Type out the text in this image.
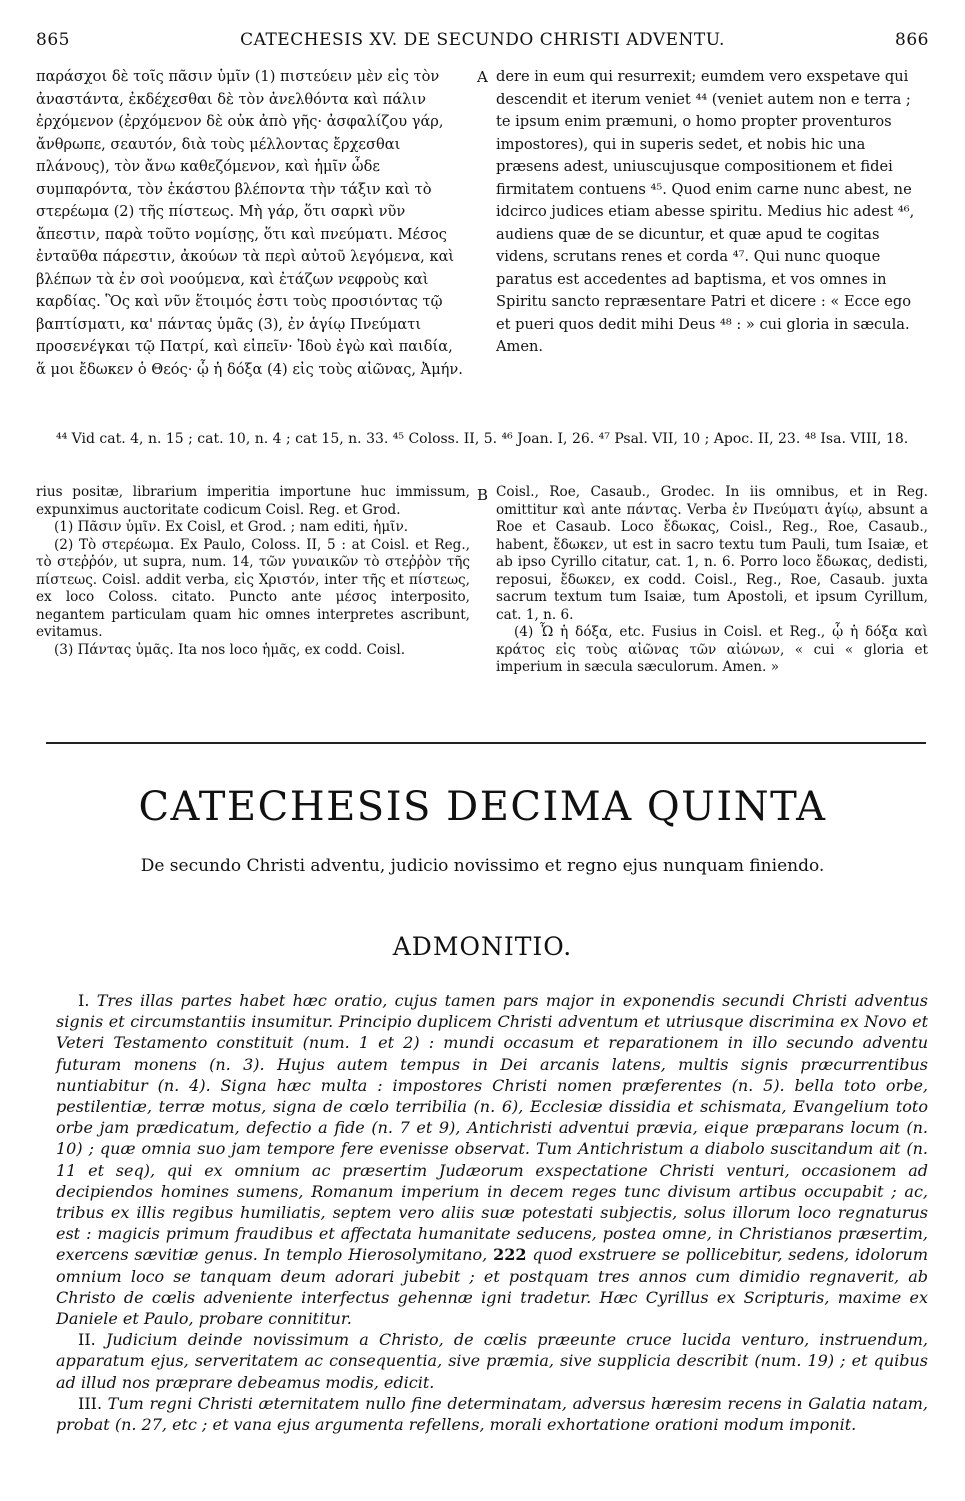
865	CATECHESIS XV. DE SECUNDO CHRISTI ADVENTU.	866

παράσχοι δὲ τοῖς πᾶσιν ὑμῖν (1) πιστεύειν μὲν εἰς τὸν ἀναστάντα, ἐκδέχεσθαι δὲ τὸν ἀνελθόντα καὶ πάλιν ἐρχόμενον (ἐρχόμενον δὲ οὐκ ἀπὸ γῆς· ἀσφαλίζου γάρ, ἄνθρωπε, σεαυτόν, διὰ τοὺς μέλλοντας ἔρχεσθαι πλάνους), τὸν ἄνω καθεζόμενον, καὶ ἡμῖν ὧδε συμπαρόντα, τὸν ἑκάστου βλέποντα τὴν τάξιν καὶ τὸ στερέωμα (2) τῆς πίστεως. Μὴ γάρ, ὅτι σαρκὶ νῦν ἄπεστιν, παρὰ τοῦτο νομίσῃς, ὅτι καὶ πνεύματι. Μέσος ἐνταῦθα πάρεστιν, ἀκούων τὰ περὶ αὐτοῦ λεγόμενα, καὶ βλέπων τὰ ἐν σοὶ νοούμενα, καὶ ἐτάζων νεφροὺς καὶ καρδίας. Ὃς καὶ νῦν ἕτοιμός ἐστι τοὺς προσιόντας τῷ βαπτίσματι, κα' πάντας ὑμᾶς (3), ἐν ἁγίῳ Πνεύματι προσενέγκαι τῷ Πατρί, καὶ εἰπεῖν· Ἰδοὺ ἐγὼ καὶ παιδία, ἅ μοι ἔδωκεν ὁ Θεός· ᾧ ἡ δόξα (4) εἰς τοὺς αἰῶνας, Ἀμήν.

A dere in eum qui resurrexit; eumdem vero exspetave qui descendit et iterum veniet ⁴⁴ (veniet autem non e terra ; te ipsum enim præmuni, o homo propter proventuros impostores), qui in superis sedet, et nobis hic una præsens adest, uniuscujusque compositionem et fidei firmitatem contuens ⁴⁵. Quod enim carne nunc abest, ne idcirco judices etiam abesse spiritu. Medius hic adest ⁴⁶, audiens quæ de se dicuntur, et quæ apud te cogitas videns, scrutans renes et corda ⁴⁷. Qui nunc quoque paratus est accedentes ad baptisma, et vos omnes in Spiritu sancto repræsentare Patri et dicere : « Ecce ego et pueri quos dedit mihi Deus ⁴⁸ : » cui gloria in sæcula. Amen.

⁴⁴ Vid cat. 4, n. 15 ; cat. 10, n. 4 ; cat 15, n. 33. ⁴⁵ Coloss. II, 5. ⁴⁶ Joan. I, 26. ⁴⁷ Psal. VII, 10 ; Apoc. II, 23. ⁴⁸ Isa. VIII, 18.

B

rius positæ, librarium imperitia importune huc immissum, expunximus auctoritate codicum Coisl. Reg. et Grod.

(1) Πᾶσιν ὑμῖν. Ex Coisl, et Grod. ; nam editi, ἡμῖν.

(2) Τὸ στερέωμα. Ex Paulo, Coloss. II, 5 : at Coisl. et Reg., τὸ στεῤῥόν, ut supra, num. 14, τῶν γυναικῶν τὸ στεῤῥὸν τῆς πίστεως. Coisl. addit verba, εἰς Χριστόν, inter τῆς et πίστεως, ex loco Coloss. citato. Puncto ante μέσος interposito, negantem particulam quam hic omnes interpretes ascribunt, evitamus.

(3) Πάντας ὑμᾶς. Ita nos loco ἡμᾶς, ex codd. Coisl.

Coisl., Roe, Casaub., Grodec. In iis omnibus, et in Reg. omittitur καὶ ante πάντας. Verba ἐν Πνεύματι ἁγίῳ, absunt a Roe et Casaub. Loco ἔδωκας, Coisl., Reg., Roe, Casaub., habent, ἔδωκεν, ut est in sacro textu tum Pauli, tum Isaiæ, et ab ipso Cyrillo citatur, cat. 1, n. 6. Porro loco ἔδωκας, dedisti, reposui, ἔδωκεν, ex codd. Coisl., Reg., Roe, Casaub. juxta sacrum textum tum Isaiæ, tum Apostoli, et ipsum Cyrillum, cat. 1, n. 6.

(4) Ὧ ἡ δόξα, etc. Fusius in Coisl. et Reg., ᾧ ἡ δόξα καὶ κράτος εἰς τοὺς αἰῶνας τῶν αἰώνων, « cui « gloria et imperium in sæcula sæculorum. Amen. »

CATECHESIS DECIMA QUINTA
De secundo Christi adventu, judicio novissimo et regno ejus nunquam finiendo.
ADMONITIO.

I. Tres illas partes habet hæc oratio, cujus tamen pars major in exponendis secundi Christi adventus signis et circumstantiis insumitur. Principio duplicem Christi adventum et utriusque discrimina ex Novo et Veteri Testamento constituit (num. 1 et 2) : mundi occasum et reparationem in illo secundo adventu futuram monens (n. 3). Hujus autem tempus in Dei arcanis latens, multis signis præcurrentibus nuntiabitur (n. 4). Signa hæc multa : impostores Christi nomen præferentes (n. 5). bella toto orbe, pestilentiæ, terræ motus, signa de cœlo terribilia (n. 6), Ecclesiæ dissidia et schismata, Evangelium toto orbe jam prædicatum, defectio a fide (n. 7 et 9), Antichristi adventui prævia, eique præparans locum (n. 10) ; quæ omnia suo jam tempore fere evenisse observat. Tum Antichristum a diabolo suscitandum ait (n. 11 et seq), qui ex omnium ac præsertim Judæorum exspectatione Christi venturi, occasionem ad decipiendos homines sumens, Romanum imperium in decem reges tunc divisum artibus occupabit ; ac, tribus ex illis regibus humiliatis, septem vero aliis suæ potestati subjectis, solus illorum loco regnaturus est : magicis primum fraudibus et affectata humanitate seducens, postea omne, in Christianos præsertim, exercens sævitiæ genus. In templo Hierosolymitano, 222 quod exstruere se pollicebitur, sedens, idolorum omnium loco se tanquam deum adorari jubebit ; et postquam tres annos cum dimidio regnaverit, ab Christo de cœlis adveniente interfectus gehennæ igni tradetur. Hæc Cyrillus ex Scripturis, maxime ex Daniele et Paulo, probare connititur.

II. Judicium deinde novissimum a Christo, de cœlis præeunte cruce lucida venturo, instruendum, apparatum ejus, serveritatem ac consequentia, sive præmia, sive supplicia describit (num. 19) ; et quibus ad illud nos præprare debeamus modis, edicit.

III. Tum regni Christi æternitatem nullo fine determinatam, adversus hæresim recens in Galatia natam, probat (n. 27, etc ; et vana ejus argumenta refellens, morali exhortatione orationi modum imponit.
